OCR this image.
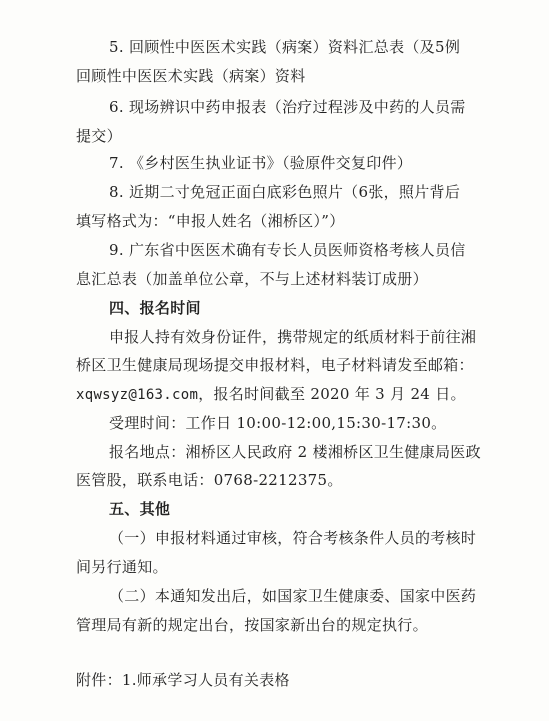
5. 回顾性中医医术实践（病案）资料汇总表（及5例
回顾性中医医术实践（病案）资料
6. 现场辨识中药申报表（治疗过程涉及中药的人员需
提交）
7. 《乡村医生执业证书》（验原件交复印件）
8. 近期二寸免冠正面白底彩色照片（6张，照片背后
填写格式为：“申报人姓名（湘桥区）”）
9. 广东省中医医术确有专长人员医师资格考核人员信
息汇总表（加盖单位公章，不与上述材料装订成册）
四、报名时间
申报人持有效身份证件，携带规定的纸质材料于前往湘
桥区卫生健康局现场提交申报材料，电子材料请发至邮箱：
xqwsyz@163.com，报名时间截至 2020 年 3 月 24 日。
受理时间：工作日 10:00-12:00,15:30-17:30。
报名地点：湘桥区人民政府 2 楼湘桥区卫生健康局医政
医管股，联系电话：0768-2212375。
五、其他
（一）申报材料通过审核，符合考核条件人员的考核时
间另行通知。
（二）本通知发出后，如国家卫生健康委、国家中医药
管理局有新的规定出台，按国家新出台的规定执行。
附件：1.师承学习人员有关表格
